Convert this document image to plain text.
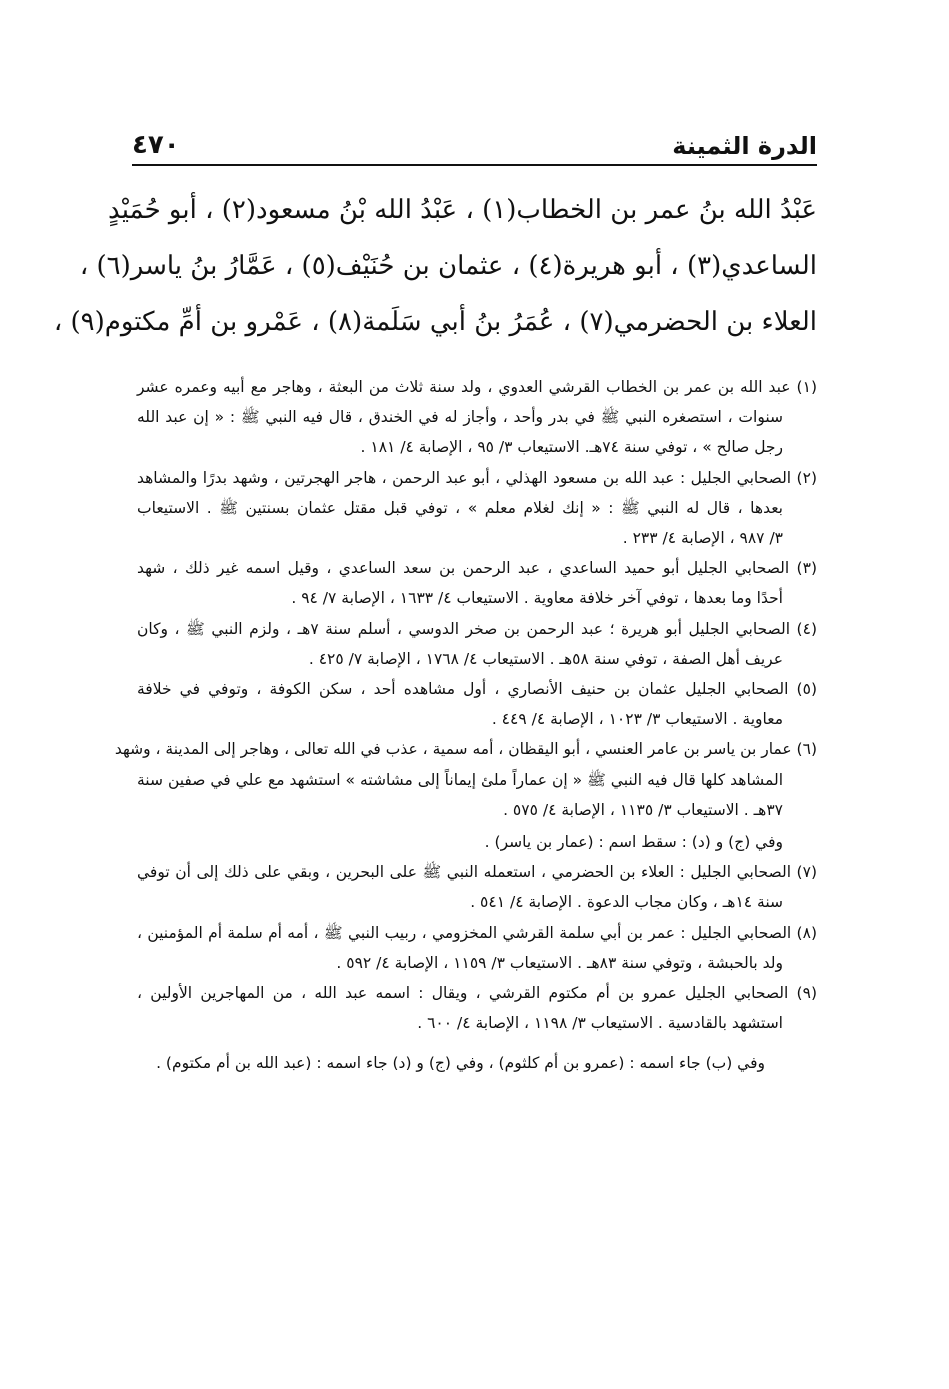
٤٧٠	الدرة الثمينة
عَبْدُ الله بنُ عمر بن الخطاب(١) ، عَبْدُ الله بْنُ مسعود(٢) ، أبو حُمَيْدٍ
الساعدي(٣) ، أبو هريرة(٤) ، عثمان بن حُنَيْف(٥) ، عَمَّارُ بنُ ياسر(٦) ،
العلاء بن الحضرمي(٧) ، عُمَرُ بنُ أبي سَلَمة(٨) ، عَمْرو بن أمِّ مكتوم(٩) ،
(١) عبد الله بن عمر بن الخطاب القرشي العدوي ، ولد سنة ثلاث من البعثة ، وهاجر مع أبيه وعمره عشر
سنوات ، استصغره النبي ﷺ في بدر وأحد ، وأجاز له في الخندق ، قال فيه النبي ﷺ : « إن عبد الله
رجل صالح » ، توفي سنة ٧٤هـ. الاستيعاب ٣/ ٩٥ ، الإصابة ٤/ ١٨١ .
(٢) الصحابي الجليل : عبد الله بن مسعود الهذلي ، أبو عبد الرحمن ، هاجر الهجرتين ، وشهد بدرًا والمشاهد
بعدها ، قال له النبي ﷺ : « إنك لغلام معلم » ، توفي قبل مقتل عثمان بسنتين ﷺ . الاستيعاب
٣/ ٩٨٧ ، الإصابة ٤/ ٢٣٣ .
(٣) الصحابي الجليل أبو حميد الساعدي ، عبد الرحمن بن سعد الساعدي ، وقيل اسمه غير ذلك ، شهد
أحدًا وما بعدها ، توفي آخر خلافة معاوية . الاستيعاب ٤/ ١٦٣٣ ، الإصابة ٧/ ٩٤ .
(٤) الصحابي الجليل أبو هريرة ؛ عبد الرحمن بن صخر الدوسي ، أسلم سنة ٧هـ ، ولزم النبي ﷺ ، وكان
عريف أهل الصفة ، توفي سنة ٥٨هـ . الاستيعاب ٤/ ١٧٦٨ ، الإصابة ٧/ ٤٢٥ .
(٥) الصحابي الجليل عثمان بن حنيف الأنصاري ، أول مشاهده أحد ، سكن الكوفة ، وتوفي في خلافة
معاوية . الاستيعاب ٣/ ١٠٢٣ ، الإصابة ٤/ ٤٤٩ .
(٦) عمار بن ياسر بن عامر العنسي ، أبو اليقظان ، أمه سمية ، عذب في الله تعالى ، وهاجر إلى المدينة ، وشهد
المشاهد كلها قال فيه النبي ﷺ « إن عماراً ملئ إيماناً إلى مشاشته » استشهد مع علي في صفين سنة
٣٧هـ . الاستيعاب ٣/ ١١٣٥ ، الإصابة ٤/ ٥٧٥ .
وفي (ج) و (د) : سقط اسم : (عمار بن ياسر) .
(٧) الصحابي الجليل : العلاء بن الحضرمي ، استعمله النبي ﷺ على البحرين ، وبقي على ذلك إلى أن توفي
سنة ١٤هـ ، وكان مجاب الدعوة . الإصابة ٤/ ٥٤١ .
(٨) الصحابي الجليل : عمر بن أبي سلمة القرشي المخزومي ، ربيب النبي ﷺ ، أمه أم سلمة أم المؤمنين ،
ولد بالحبشة ، وتوفي سنة ٨٣هـ . الاستيعاب ٣/ ١١٥٩ ، الإصابة ٤/ ٥٩٢ .
(٩) الصحابي الجليل عمرو بن أم مكتوم القرشي ، ويقال : اسمه عبد الله ، من المهاجرين الأولين ،
استشهد بالقادسية . الاستيعاب ٣/ ١١٩٨ ، الإصابة ٤/ ٦٠٠ .
وفي (ب) جاء اسمه : (عمرو بن أم كلثوم) ، وفي (ج) و (د) جاء اسمه : (عبد الله بن أم مكتوم) .
